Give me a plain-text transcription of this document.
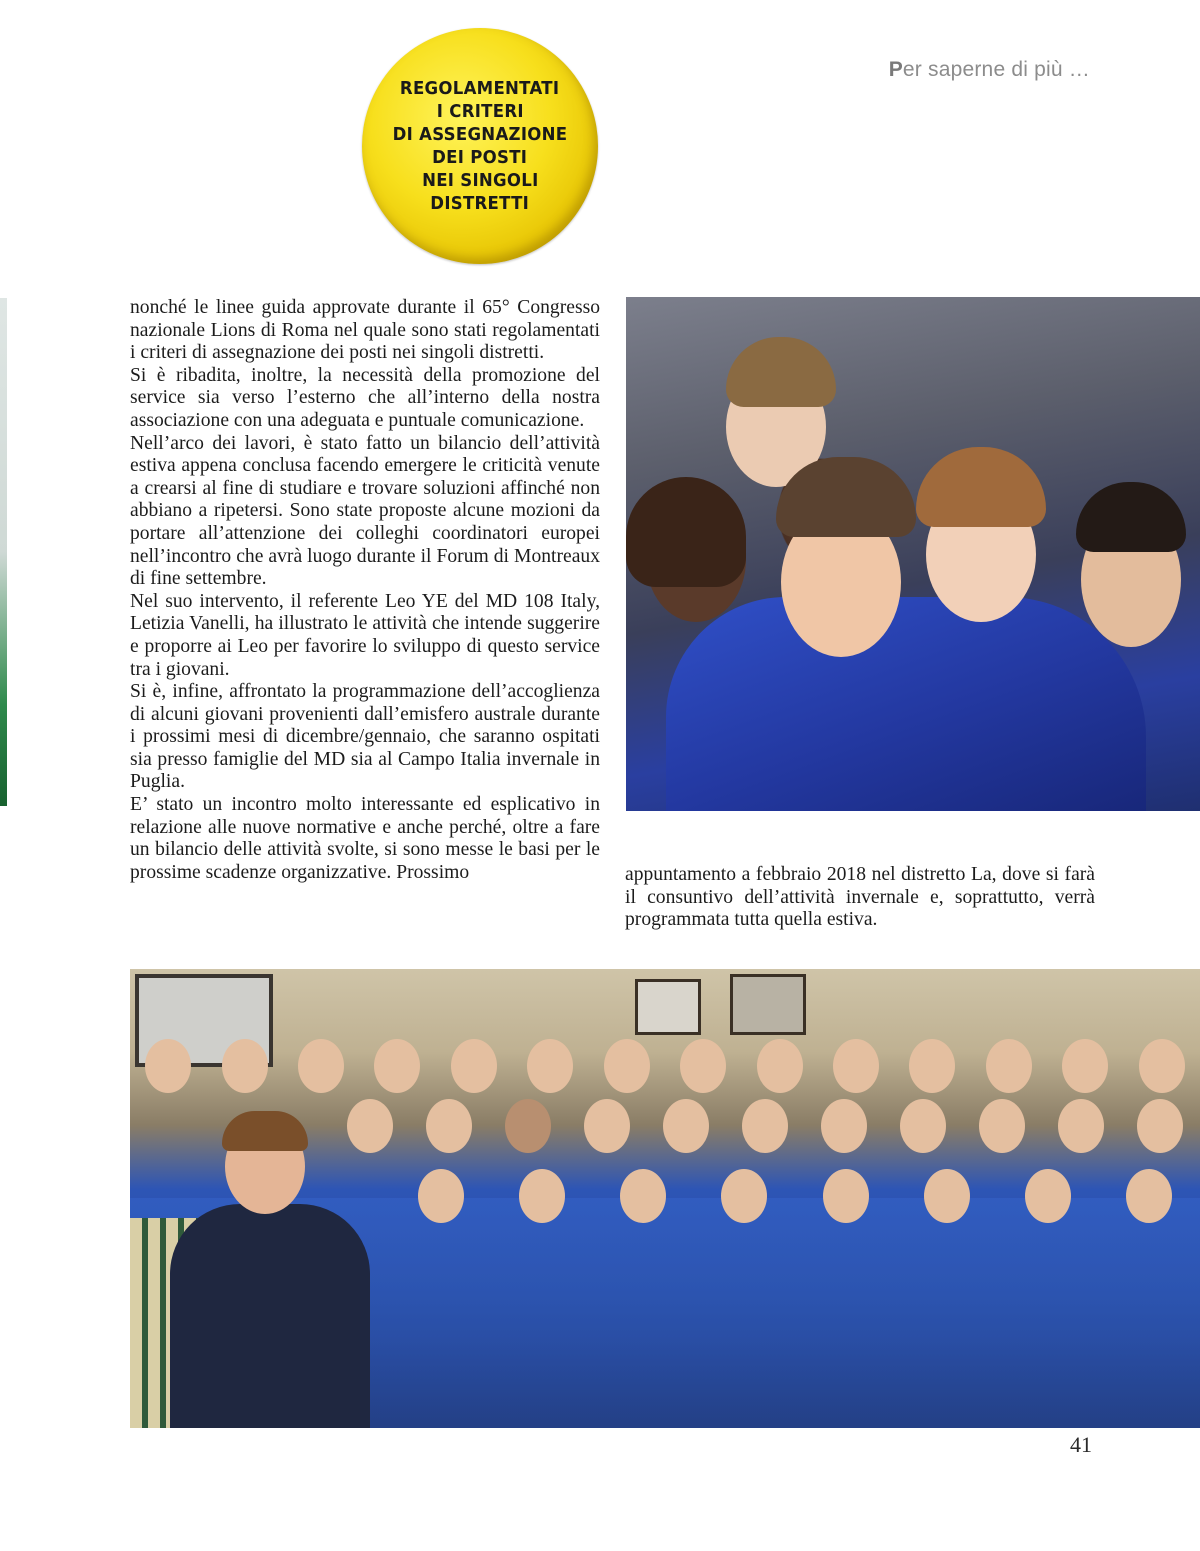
Per saperne di più …
REGOLAMENTATI
I CRITERI
DI ASSEGNAZIONE
DEI POSTI
NEI SINGOLI
DISTRETTI

nonché le linee guida approvate durante il 65° Congresso nazionale Lions di Roma nel quale sono stati regolamentati i criteri di assegnazione dei posti nei singoli distretti.

Si è ribadita, inoltre, la necessità della promozione del service sia verso l’esterno che all’interno della nostra associazione con una adeguata e puntuale comunicazione.

Nell’arco dei lavori, è stato fatto un bilancio dell’attività estiva appena conclusa facendo emergere le criticità venute a crearsi al fine di studiare e trovare soluzioni affinché non abbiano a ripetersi. Sono state proposte alcune mozioni da portare all’attenzione dei colleghi coordinatori europei nell’incontro che avrà luogo durante il Forum di Montreaux di fine settembre.

Nel suo intervento, il referente Leo YE del MD 108 Italy, Letizia Vanelli, ha illustrato le attività che intende suggerire e proporre ai Leo per favorire lo sviluppo di questo service tra i giovani.

Si è, infine, affrontato la programmazione dell’accoglienza di alcuni giovani provenienti dall’emisfero australe durante i prossimi mesi di dicembre/gennaio, che saranno ospitati sia presso famiglie del MD sia al Campo Italia invernale in Puglia.

E’ stato un incontro molto interessante ed esplicativo in relazione alle nuove normative e anche perché, oltre a fare un bilancio delle attività svolte, si sono messe le basi per le prossime scadenze organizzative. Prossimo	appuntamento a febbraio 2018 nel distretto La, dove si farà il consuntivo dell’attività invernale e, soprattutto, verrà programmata tutta quella estiva.

41
